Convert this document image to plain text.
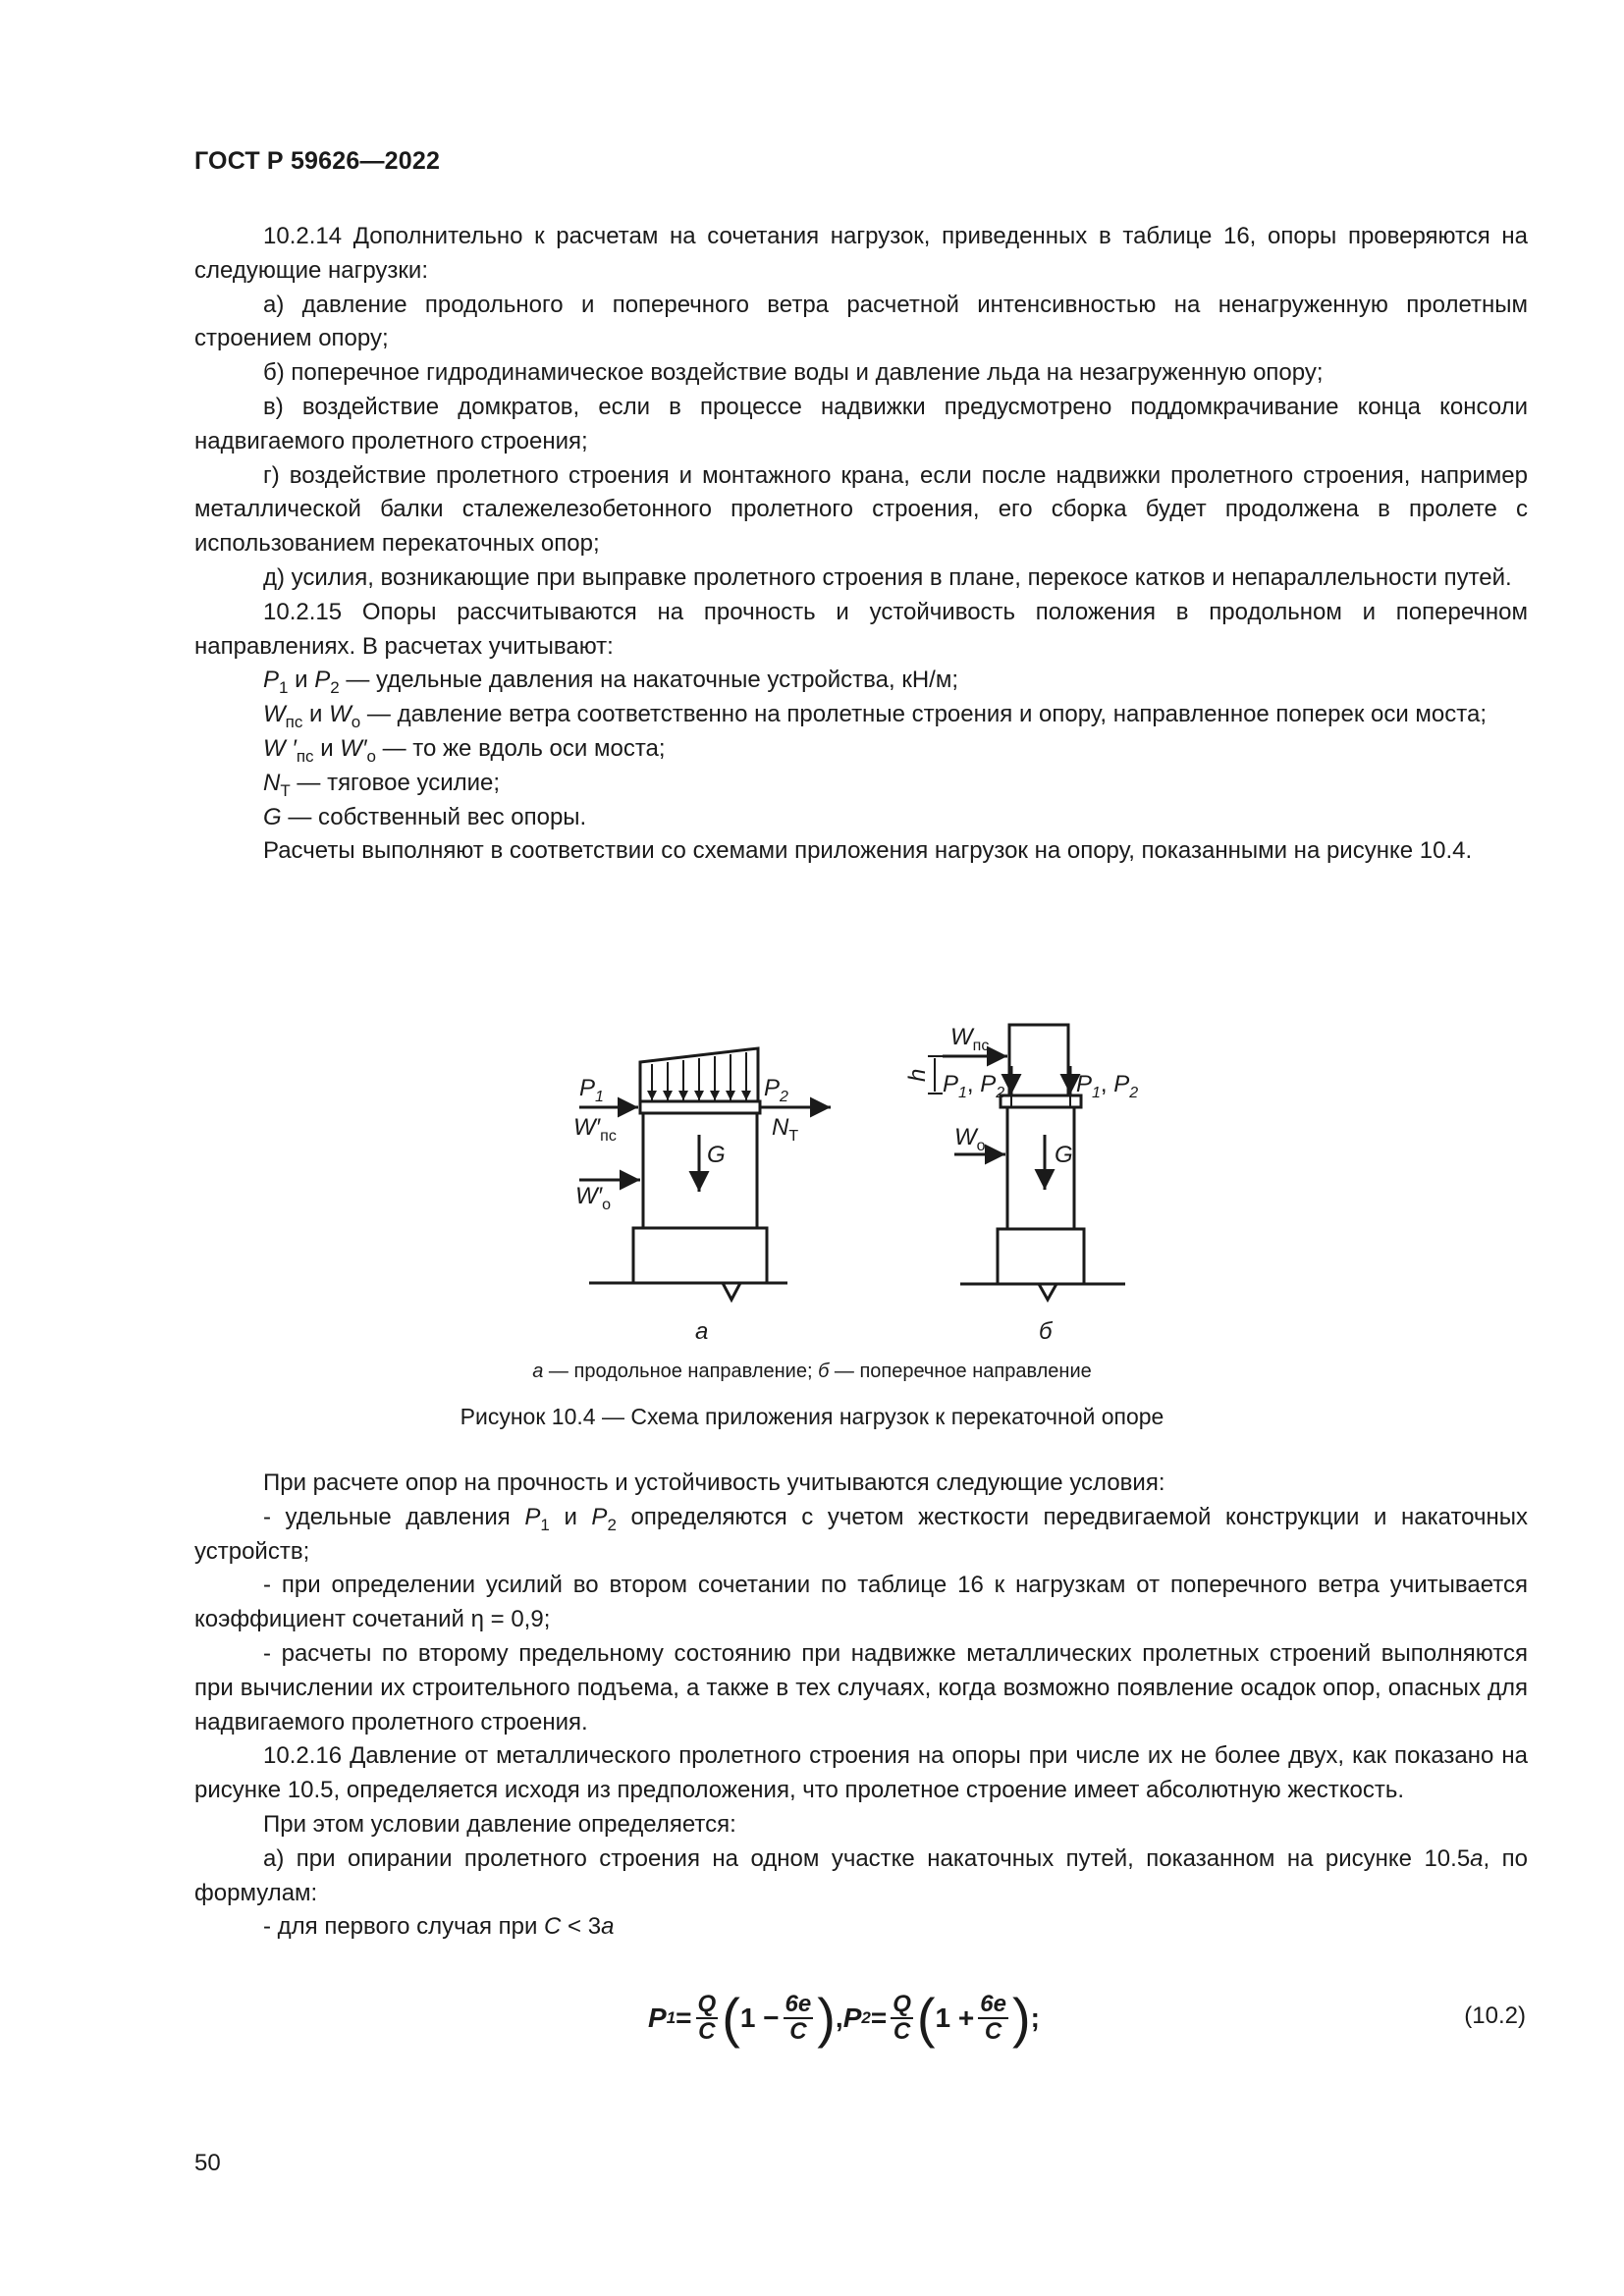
ГОСТ Р 59626—2022

10.2.14 Дополнительно к расчетам на сочетания нагрузок, приведенных в таблице 16, опоры проверяются на следующие нагрузки:

а) давление продольного и поперечного ветра расчетной интенсивностью на ненагруженную пролетным строением опору;

б) поперечное гидродинамическое воздействие воды и давление льда на незагруженную опору;

в) воздействие домкратов, если в процессе надвижки предусмотрено поддомкрачивание конца консоли надвигаемого пролетного строения;

г) воздействие пролетного строения и монтажного крана, если после надвижки пролетного строения, например металлической балки сталежелезобетонного пролетного строения, его сборка будет продолжена в пролете с использованием перекаточных опор;

д) усилия, возникающие при выправке пролетного строения в плане, перекосе катков и непараллельности путей.

10.2.15 Опоры рассчитываются на прочность и устойчивость положения в продольном и поперечном направлениях. В расчетах учитывают:

$P_1$ и $P_2$ — удельные давления на накаточные устройства, кН/м;

$W_{пс}$ и $W_о$ — давление ветра соответственно на пролетные строения и опору, направленное поперек оси моста;

W $'_{пс}$ и $W'_о$ — то же вдоль оси моста;

$N_Т$ — тяговое усилие;

G — собственный вес опоры.

Расчеты выполняют в соответствии со схемами приложения нагрузок на опору, показанными на рисунке 10.4.

$P_1$
$W'_{пс}$
$P_2$
$N_Т$
G
$W'_о$
$W_{пс}$
$P_1$, $P_2$	$P_1$, $P_2$
$W_о$	G
h
а	б
а — продольное направление; б — поперечное направление
Рисунок 10.4 — Схема приложения нагрузок к перекаточной опоре

При расчете опор на прочность и устойчивость учитываются следующие условия:

- удельные давления $P_1$ и $P_2$ определяются с учетом жесткости передвигаемой конструкции и накаточных устройств;

- при определении усилий во втором сочетании по таблице 16 к нагрузкам от поперечного ветра учитывается коэффициент сочетаний η = 0,9;

- расчеты по второму предельному состоянию при надвижке металлических пролетных строений выполняются при вычислении их строительного подъема, а также в тех случаях, когда возможно появление осадок опор, опасных для надвигаемого пролетного строения.

10.2.16 Давление от металлического пролетного строения на опоры при числе их не более двух, как показано на рисунке 10.5, определяется исходя из предположения, что пролетное строение имеет абсолютную жесткость.

При этом условии давление определяется:

а) при опирании пролетного строения на одном участке накаточных путей, показанном на рисунке 10.5а, по формулам:

- для первого случая при C < 3а

P $1 = \frac{Q}{C}$ ( $1 - \frac{6e}{C}$ ) , P $2 = \frac{Q}{C}$ ( $1 + \frac{6e}{C}$ ) ;	(10.2)
50
